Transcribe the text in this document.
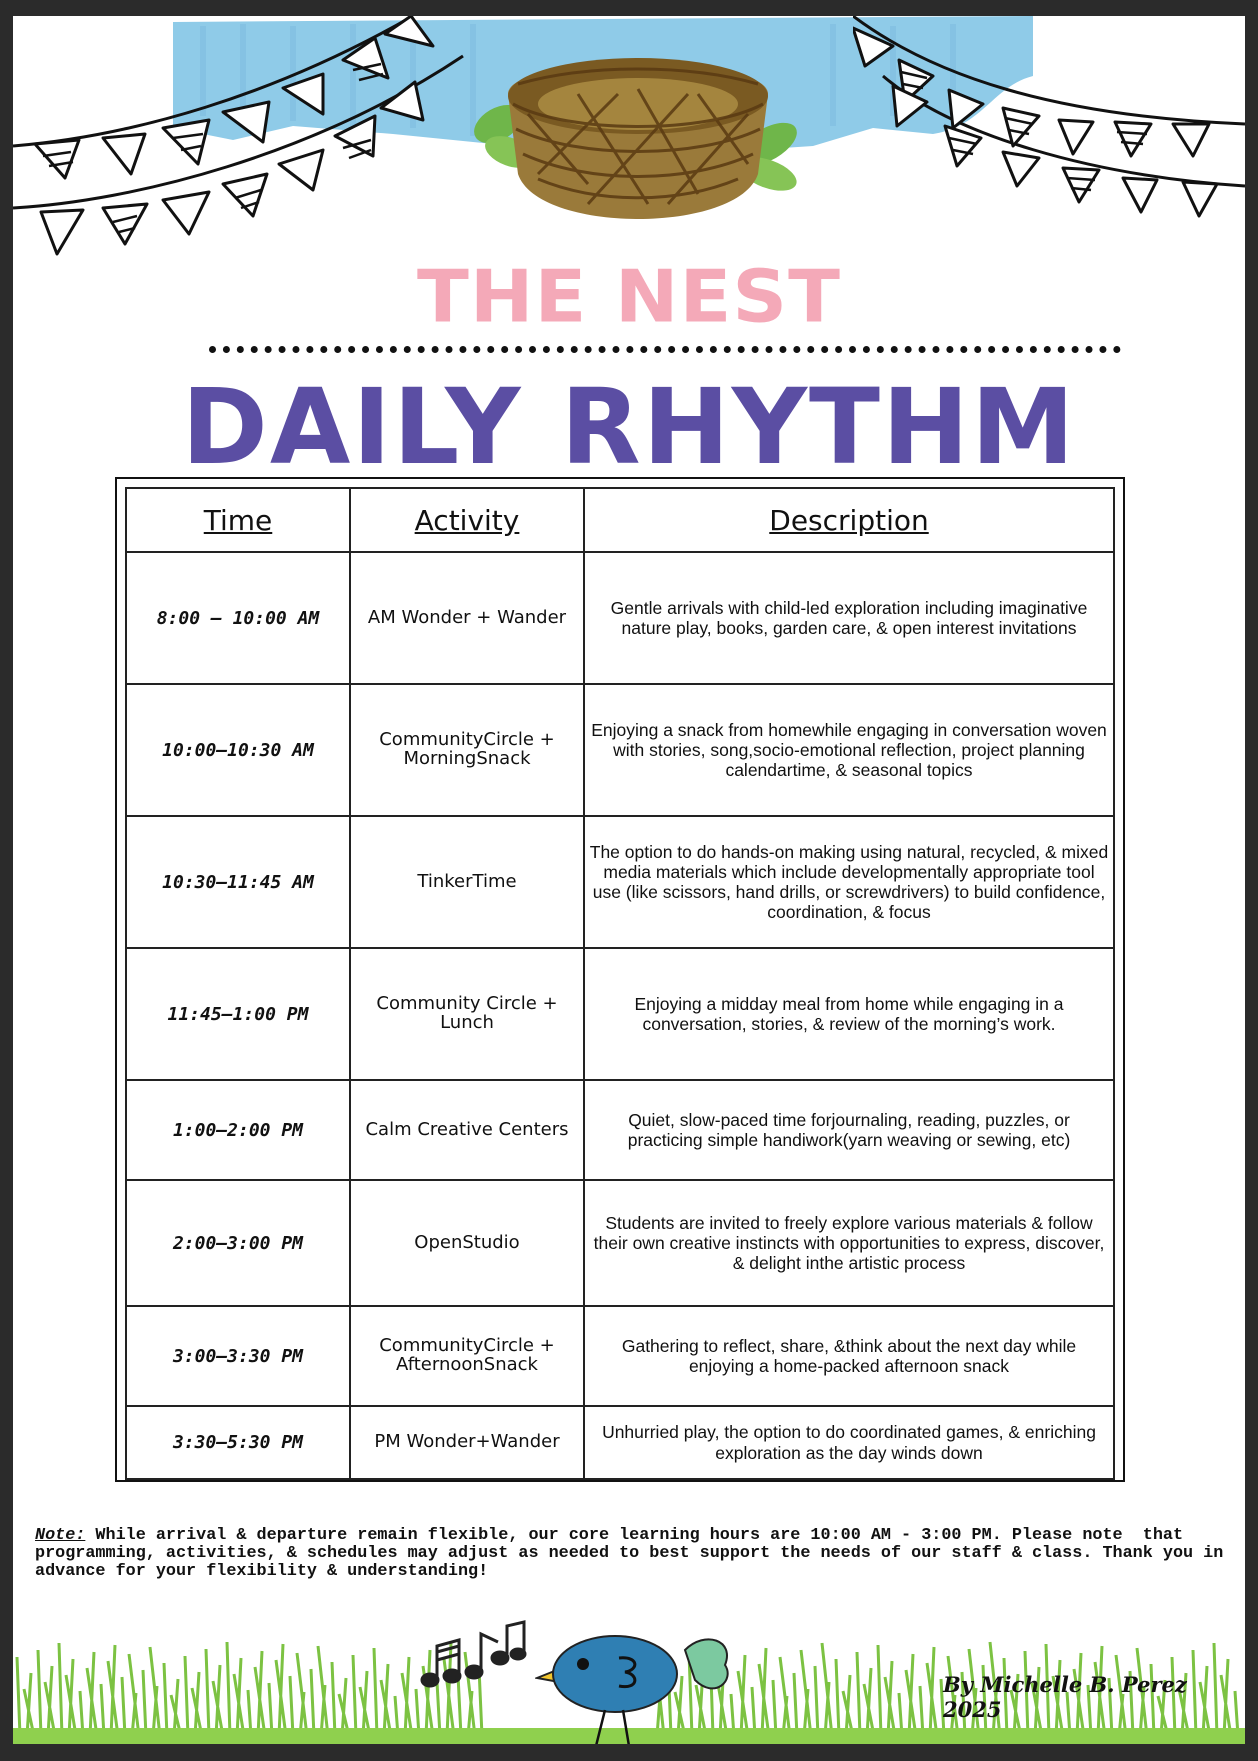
THE NEST
DAILY RHYTHM
Time	Activity	Description
8:00 – 10:00 AM	AM Wonder + Wander	Gentle arrivals with child-led exploration including imaginative nature play, books, garden care, & open interest invitations
10:00–10:30 AM	CommunityCircle + MorningSnack	Enjoying a snack from homewhile engaging in conversation woven with stories, song,socio-emotional reflection, project planning calendartime, & seasonal topics
10:30–11:45 AM	TinkerTime	The option to do hands-on making using natural, recycled, & mixed media materials which include developmentally appropriate tool use (like scissors, hand drills, or screwdrivers) to build confidence, coordination, & focus
11:45–1:00 PM	Community Circle + Lunch	Enjoying a midday meal from home while engaging in a conversation, stories, & review of the morning’s work.
1:00–2:00 PM	Calm Creative Centers	Quiet, slow-paced time forjournaling, reading, puzzles, or practicing simple handiwork(yarn weaving or sewing, etc)
2:00–3:00 PM	OpenStudio	Students are invited to freely explore various materials & follow their own creative instincts with opportunities to express, discover, & delight inthe artistic process
3:00–3:30 PM	CommunityCircle + AfternoonSnack	Gathering to reflect, share, &think about the next day while enjoying a home-packed afternoon snack
3:30–5:30 PM	PM Wonder+Wander	Unhurried play, the option to do coordinated games, & enriching exploration as the day winds down
Note: While arrival & departure remain flexible, our core learning hours are 10:00 AM - 3:00 PM. Please note  that programming, activities, & schedules may adjust as needed to best support the needs of our staff & class. Thank you in advance for your flexibility & understanding!
By Michelle B. Perez 2025
